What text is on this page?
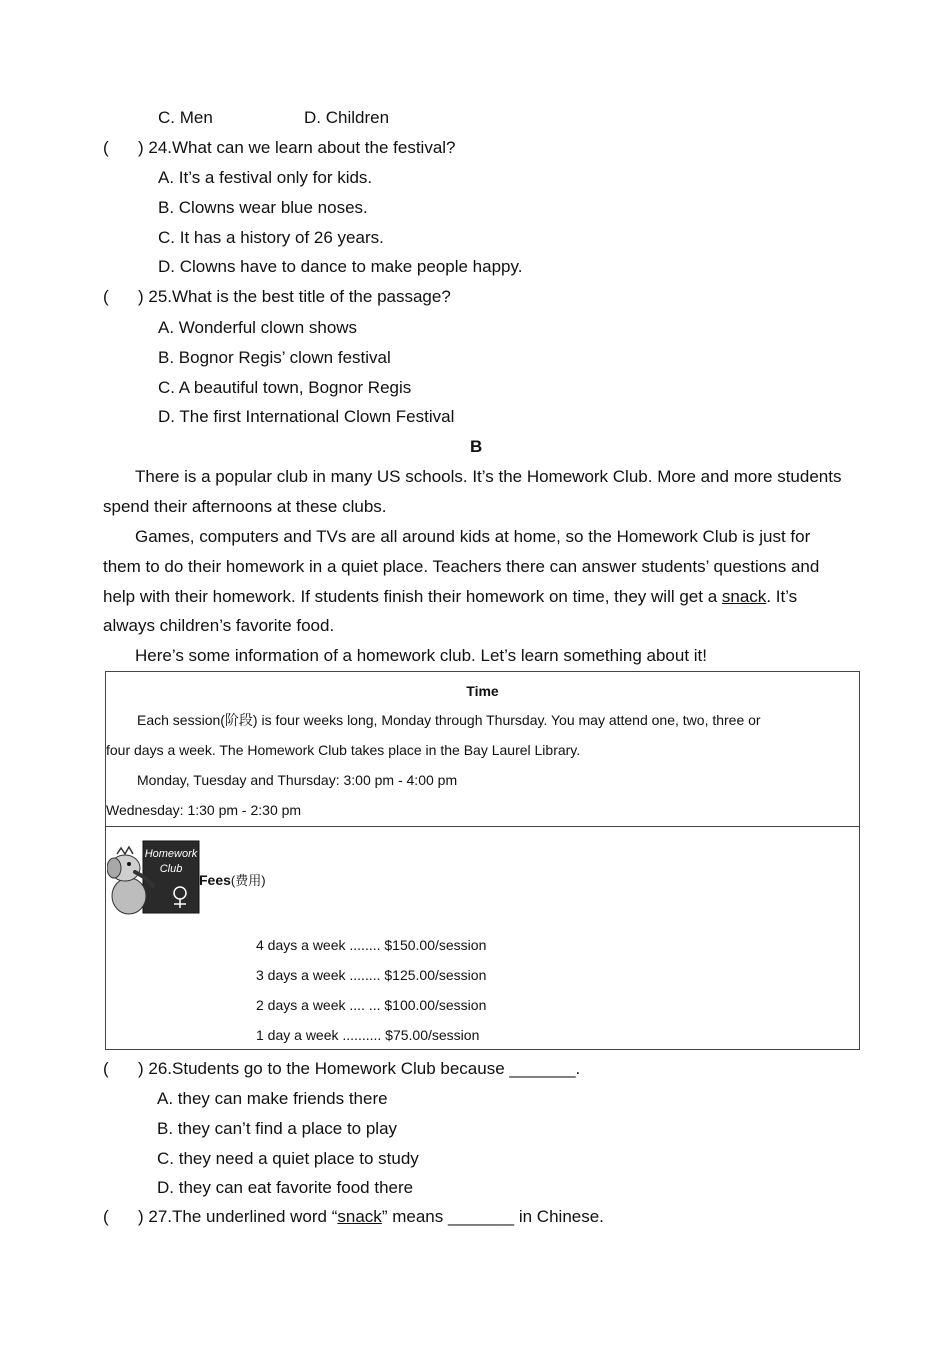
C. Men	D. Children
( ) 24.What can we learn about the festival?
A. It’s a festival only for kids.
B. Clowns wear blue noses.
C. It has a history of 26 years.
D. Clowns have to dance to make people happy.
( ) 25.What is the best title of the passage?
A. Wonderful clown shows
B. Bognor Regis’ clown festival
C. A beautiful town, Bognor Regis
D. The first International Clown Festival
B
There is a popular club in many US schools. It’s the Homework Club. More and more students
spend their afternoons at these clubs.
Games, computers and TVs are all around kids at home, so the Homework Club is just for
them to do their homework in a quiet place. Teachers there can answer students’ questions and
help with their homework. If students finish their homework on time, they will get a snack. It’s
always children’s favorite food.
Here’s some information of a homework club. Let’s learn something about it!
Time
Each session(阶段) is four weeks long, Monday through Thursday. You may attend one, two, three or
four days a week. The Homework Club takes place in the Bay Laurel Library.
Monday, Tuesday and Thursday: 3:00 pm - 4:00 pm
Wednesday: 1:30 pm - 2:30 pm
Homework
Club
Fees(费用)
4 days a week ........ $150.00/session
3 days a week ........ $125.00/session
2 days a week .... ... $100.00/session
1 day a week .......... $75.00/session
( ) 26.Students go to the Homework Club because _______.
A. they can make friends there
B. they can’t find a place to play
C. they need a quiet place to study
D. they can eat favorite food there
( ) 27.The underlined word “snack” means _______ in Chinese.
